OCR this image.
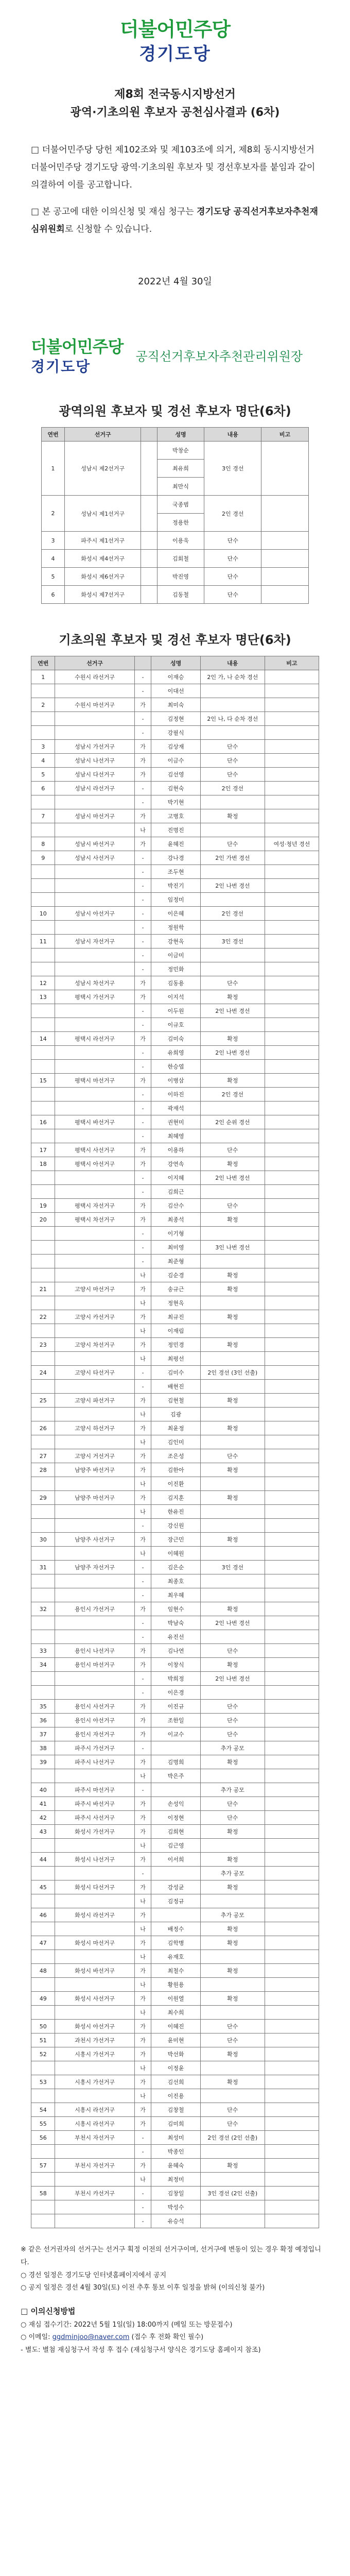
더불어민주당
경기도당
제8회 전국동시지방선거
광역·기초의원 후보자 공천심사결과 (6차)
□ 더불어민주당 당헌 제102조와 및 제103조에 의거, 제8회 동시지방선거 더불어민주당 경기도당 광역·기초의원 후보자 및 경선후보자를 붙임과 같이 의결하여 이를 공고합니다.
□ 본 공고에 대한 이의신청 및 재심 청구는 경기도당 공직선거후보자추천재심위원회로 신청할 수 있습니다.
2022년 4월 30일
더불어민주당
경기도당
공직선거후보자추천관리위원장
광역의원 후보자 및 경선 후보자 명단(6차)
연번	선거구		성명	내용	비고
1	성남시 제2선거구		박창순	3인 경선	
			최유희		
			최만식		
2	성남시 제1선거구		국종범	2인 경선	
			정용한		
3	파주시 제1선거구		이용욱	단수	
4	화성시 제4선거구		김회철	단수	
5	화성시 제6선거구		박진영	단수	
6	화성시 제7선거구		김동철	단수	
기초의원 후보자 및 경선 후보자 명단(6차)
연번	선거구		성명	내용	비고
1	수원시 라선거구	-	이재승	2인 가, 나 순차 경선	
		-	이대선		
2	수원시 마선거구	가	최미숙		
		-	김정현	2인 나, 다 순차 경선	
		-	강필식		
3	성남시 가선거구	가	김상재	단수	
4	성남시 나선거구	가	이금수	단수	
5	성남시 다선거구	가	김선영	단수	
6	성남시 라선거구	-	김현숙	2인 경선	
		-	박기현		
7	성남시 마선거구	가	고병호	확정	
		나	진명진		
8	성남시 바선거구	가	윤혜진	단수	여성·청년 경선
9	성남시 사선거구	-	강나경	2인 가번 경선	
		-	조두현		
		-	박진기	2인 나번 경선	
		-	임정미		
10	성남시 아선거구	-	이은혜	2인 경선	
		-	정원학		
11	성남시 자선거구	-	강현옥	3인 경선	
		-	이금미		
		-	정민화		
12	성남시 차선거구	가	김동용	단수	
13	평택시 가선거구	가	이지석	확정	
		-	이두원	2인 나번 경선	
		-	이규호		
14	평택시 라선거구	가	김미숙	확정	
		-	유희영	2인 나번 경선	
		-	한승엽		
15	평택시 마선거구	가	이병삼	확정	
		-	이하진	2인 경선	
		-	곽재석		
16	평택시 바선거구	-	권현미	2인 순위 경선	
		-	최혜영		
17	평택시 사선거구	가	이용하	단수	
18	평택시 아선거구	가	강연속	확정	
		-	이지혜	2인 나번 경선	
		-	김희근		
19	평택시 자선거구	가	김산수	단수	
20	평택시 차선거구	가	최종석	확정	
		-	이기형		
		-	최미영	3인 나번 경선	
		-	최준형		
		나	김순경	확정	
21	고양시 마선거구	가	송규근	확정	
		나	정현옥		
22	고양시 카선거구	가	최규진	확정	
		나	이재림		
23	고양시 차선거구	가	정민경	확정	
		나	최평선		
24	고양시 타선거구	-	김미수	2인 경선 (3인 선출)	
		-	배현진		
25	고양시 파선거구	가	김현철	확정	
		나	김광		
26	고양시 하선거구	가	최윤정	확정	
		나	김인미		
27	고양시 거선거구	가	조은성	단수	
28	남양주 바선거구	가	김한아	확정	
		나	이진환		
29	남양주 마선거구	가	김지훈	확정	
		나	한유진		
		-	강신원		
30	남양주 사선거구	가	장근민	확정	
		나	이혜원		
31	남양주 자선거구	-	김은순	3인 경선	
		-	최종호		
		-	최우혜		
32	용인시 가선거구	가	임현수	확정	
		-	박남숙	2인 나번 경선	
		-	유진선		
33	용인시 나선거구	가	김나연	단수	
34	용인시 마선거구	가	이창식	확정	
		-	박희정	2인 나번 경선	
		-	이은경		
35	용인시 사선거구	가	이진규	단수	
36	용인시 아선거구	가	조한일	단수	
37	용인시 자선거구	가	이교수	단수	
38	파주시 가선거구	-		추가 공모	
39	파주시 나선거구	가	김명희	확정	
		나	박은주		
40	파주시 마선거구	-		추가 공모	
41	파주시 바선거구	가	손성익	단수	
42	파주시 사선거구	가	이정현	단수	
43	화성시 가선거구	가	김희현	확정	
		나	김근영		
44	화성시 나선거구	가	이서희	확정	
		-		추가 공모	
45	화성시 다선거구	가	강성균	확정	
		나	김정규		
46	화성시 라선거구	가		추가 공모	
		나	배정수	확정	
47	화성시 마선거구	가	김학병	확정	
		나	유재호		
48	화성시 바선거구	가	최철수	확정	
		나	황원용		
49	화성시 사선거구	가	이원열	확정	
		나	최수희		
50	화성시 아선거구	가	이혜진	단수	
51	과천시 가선거구	가	윤미현	단수	
52	시흥시 가선거구	가	박선화	확정	
		나	이정윤		
53	시흥시 가선거구	가	김선희	확정	
		나	이진용		
54	시흥시 라선거구	가	김창철	단수	
55	시흥시 라선거구	가	김미희	단수	
56	부천시 자선거구	-	최성미	2인 경선 (2인 선출)	
		-	박종인		
57	부천시 자선거구	가	윤혜숙	확정	
		나	최정미		
58	부천시 카선거구	-	김창일	3인 경선 (2인 선출)	
		-	박성수		
		-	유승석		
※ 같은 선거권자의 선거구는 선거구 획정 이전의 선거구이며, 선거구에 변동이 있는 경우 확정 예정입니다.
○ 경선 일정은 경기도당 인터넷홈페이지에서 공지
○ 공지 일정은 경선 4월 30일(토) 이전 추후 통보 이후 일정을 밝혀 (이의신청 불가)
□ 이의신청방법
○ 재심 접수기간: 2022년 5월 1일(일) 18:00까지 (메일 또는 방문접수)
○ 이메일: ggdminjoo@naver.com (접수 후 전화 확인 필수)
- 별도: 별첨 재심청구서 작성 후 접수 (재심청구서 양식은 경기도당 홈페이지 참조)
